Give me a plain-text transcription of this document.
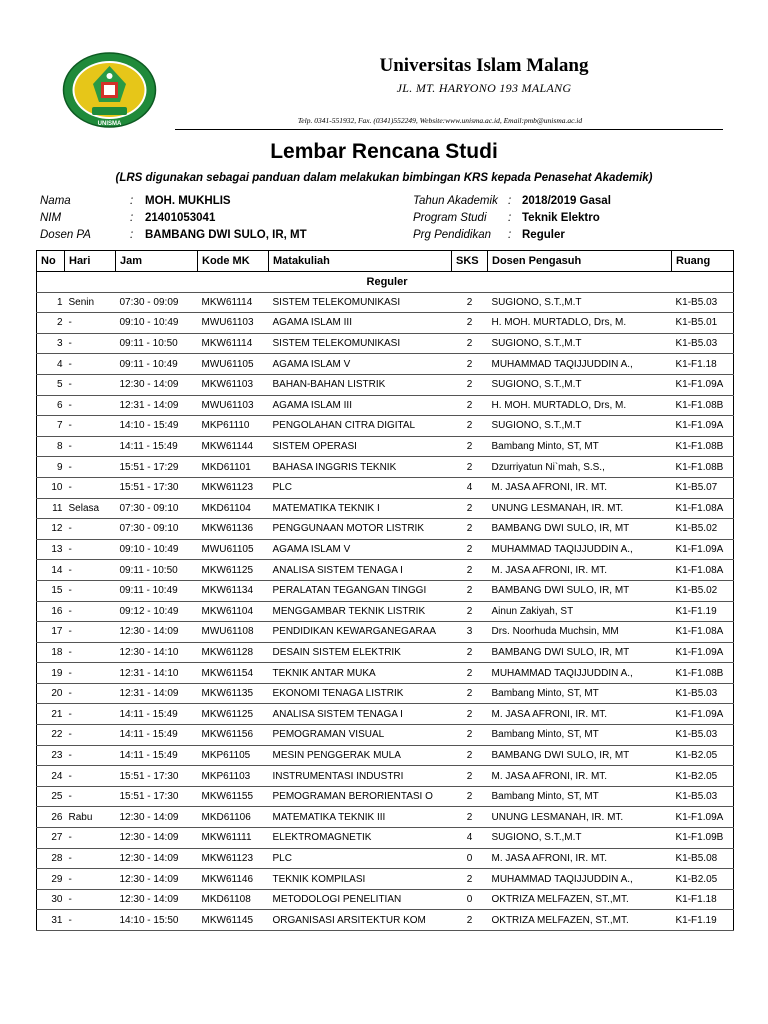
UNISMA
Universitas Islam Malang
JL. MT. HARYONO 193 MALANG
Telp. 0341-551932, Fax. (0341)552249, Website:www.unisma.ac.id, Email:pmb@unisma.ac.id
Lembar Rencana Studi
(LRS digunakan sebagai panduan dalam melakukan bimbingan KRS kepada Penasehat Akademik)
Nama	: MOH. MUKHLIS
NIM	: 21401053041
Dosen PA	: BAMBANG DWI SULO, IR, MT
Tahun Akademik : 2018/2019 Gasal
Program Studi : Teknik Elektro
Prg Pendidikan : Reguler
No	Hari	Jam	Kode MK	Matakuliah	SKS	Dosen Pengasuh	Ruang
Reguler							
1	Senin	07:30 - 09:09	MKW61114	SISTEM TELEKOMUNIKASI	2	SUGIONO, S.T.,M.T	K1-B5.03
2	-	09:10 - 10:49	MWU61103	AGAMA ISLAM III	2	H. MOH. MURTADLO, Drs, M.	K1-B5.01
3	-	09:11 - 10:50	MKW61114	SISTEM TELEKOMUNIKASI	2	SUGIONO, S.T.,M.T	K1-B5.03
4	-	09:11 - 10:49	MWU61105	AGAMA ISLAM V	2	MUHAMMAD TAQIJJUDDIN A.,	K1-F1.18
5	-	12:30 - 14:09	MKW61103	BAHAN-BAHAN LISTRIK	2	SUGIONO, S.T.,M.T	K1-F1.09A
6	-	12:31 - 14:09	MWU61103	AGAMA ISLAM III	2	H. MOH. MURTADLO, Drs, M.	K1-F1.08B
7	-	14:10 - 15:49	MKP61110	PENGOLAHAN CITRA DIGITAL	2	SUGIONO, S.T.,M.T	K1-F1.09A
8	-	14:11 - 15:49	MKW61144	SISTEM OPERASI	2	Bambang Minto, ST, MT	K1-F1.08B
9	-	15:51 - 17:29	MKD61101	BAHASA INGGRIS TEKNIK	2	Dzurriyatun Ni`mah, S.S.,	K1-F1.08B
10	-	15:51 - 17:30	MKW61123	PLC	4	M. JASA AFRONI, IR. MT.	K1-B5.07
11	Selasa	07:30 - 09:10	MKD61104	MATEMATIKA TEKNIK I	2	UNUNG LESMANAH, IR. MT.	K1-F1.08A
12	-	07:30 - 09:10	MKW61136	PENGGUNAAN MOTOR LISTRIK	2	BAMBANG DWI SULO, IR, MT	K1-B5.02
13	-	09:10 - 10:49	MWU61105	AGAMA ISLAM V	2	MUHAMMAD TAQIJJUDDIN A.,	K1-F1.09A
14	-	09:11 - 10:50	MKW61125	ANALISA SISTEM TENAGA I	2	M. JASA AFRONI, IR. MT.	K1-F1.08A
15	-	09:11 - 10:49	MKW61134	PERALATAN TEGANGAN TINGGI	2	BAMBANG DWI SULO, IR, MT	K1-B5.02
16	-	09:12 - 10:49	MKW61104	MENGGAMBAR TEKNIK LISTRIK	2	Ainun Zakiyah, ST	K1-F1.19
17	-	12:30 - 14:09	MWU61108	PENDIDIKAN KEWARGANEGARAA	3	Drs. Noorhuda Muchsin, MM	K1-F1.08A
18	-	12:30 - 14:10	MKW61128	DESAIN SISTEM ELEKTRIK	2	BAMBANG DWI SULO, IR, MT	K1-F1.09A
19	-	12:31 - 14:10	MKW61154	TEKNIK ANTAR MUKA	2	MUHAMMAD TAQIJJUDDIN A.,	K1-F1.08B
20	-	12:31 - 14:09	MKW61135	EKONOMI TENAGA LISTRIK	2	Bambang Minto, ST, MT	K1-B5.03
21	-	14:11 - 15:49	MKW61125	ANALISA SISTEM TENAGA I	2	M. JASA AFRONI, IR. MT.	K1-F1.09A
22	-	14:11 - 15:49	MKW61156	PEMOGRAMAN VISUAL	2	Bambang Minto, ST, MT	K1-B5.03
23	-	14:11 - 15:49	MKP61105	MESIN PENGGERAK MULA	2	BAMBANG DWI SULO, IR, MT	K1-B2.05
24	-	15:51 - 17:30	MKP61103	INSTRUMENTASI INDUSTRI	2	M. JASA AFRONI, IR. MT.	K1-B2.05
25	-	15:51 - 17:30	MKW61155	PEMOGRAMAN BERORIENTASI O	2	Bambang Minto, ST, MT	K1-B5.03
26	Rabu	12:30 - 14:09	MKD61106	MATEMATIKA TEKNIK III	2	UNUNG LESMANAH, IR. MT.	K1-F1.09A
27	-	12:30 - 14:09	MKW61111	ELEKTROMAGNETIK	4	SUGIONO, S.T.,M.T	K1-F1.09B
28	-	12:30 - 14:09	MKW61123	PLC	0	M. JASA AFRONI, IR. MT.	K1-B5.08
29	-	12:30 - 14:09	MKW61146	TEKNIK KOMPILASI	2	MUHAMMAD TAQIJJUDDIN A.,	K1-B2.05
30	-	12:30 - 14:09	MKD61108	METODOLOGI PENELITIAN	0	OKTRIZA MELFAZEN, ST.,MT.	K1-F1.18
31	-	14:10 - 15:50	MKW61145	ORGANISASI ARSITEKTUR KOM	2	OKTRIZA MELFAZEN, ST.,MT.	K1-F1.19
